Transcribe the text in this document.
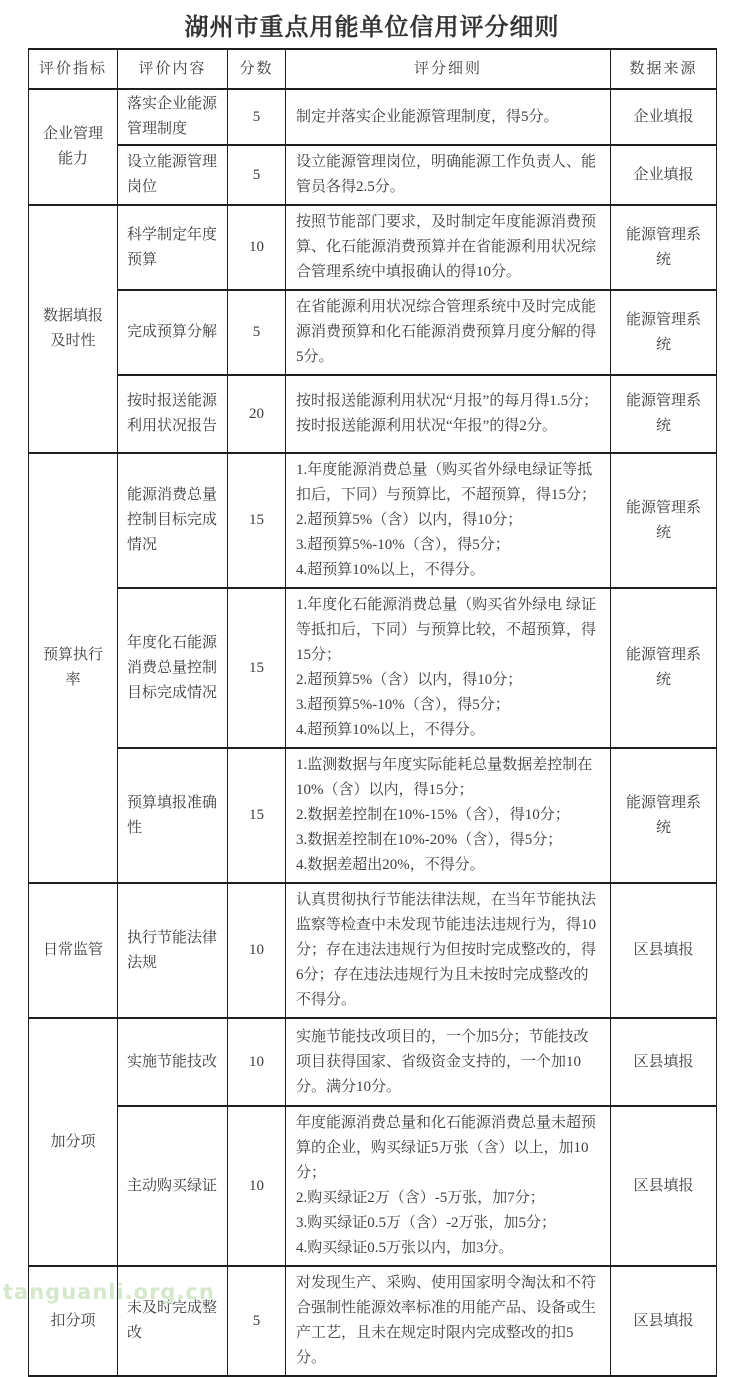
湖州市重点用能单位信用评分细则
评价指标	评价内容	分数	评分细则	数据来源
企业管理能力	落实企业能源管理制度	5	制定并落实企业能源管理制度，得5分。	企业填报
	设立能源管理岗位	5	设立能源管理岗位，明确能源工作负责人、能管员各得2.5分。	企业填报
数据填报及时性	科学制定年度预算	10	按照节能部门要求，及时制定年度能源消费预算、化石能源消费预算并在省能源利用状况综合管理系统中填报确认的得10分。	能源管理系统
	完成预算分解	5	在省能源利用状况综合管理系统中及时完成能源消费预算和化石能源消费预算月度分解的得5分。	能源管理系统
	按时报送能源利用状况报告	20	按时报送能源利用状况“月报”的每月得1.5分；按时报送能源利用状况“年报”的得2分。	能源管理系统
预算执行率	能源消费总量控制目标完成情况	15	1.年度能源消费总量（购买省外绿电绿证等抵扣后，下同）与预算比，不超预算，得15分；
2.超预算5%（含）以内，得10分；
3.超预算5%-10%（含），得5分；
4.超预算10%以上，不得分。	能源管理系统
	年度化石能源消费总量控制目标完成情况	15	1.年度化石能源消费总量（购买省外绿电 绿证等抵扣后，下同）与预算比较，不超预算，得15分；
2.超预算5%（含）以内，得10分；
3.超预算5%-10%（含），得5分；
4.超预算10%以上，不得分。	能源管理系统
	预算填报准确性	15	1.监测数据与年度实际能耗总量数据差控制在10%（含）以内，得15分；
2.数据差控制在10%-15%（含），得10分；
3.数据差控制在10%-20%（含），得5分；
4.数据差超出20%，不得分。	能源管理系统
日常监管	执行节能法律法规	10	认真贯彻执行节能法律法规，在当年节能执法监察等检查中未发现节能违法违规行为，得10分；存在违法违规行为但按时完成整改的，得6分；存在违法违规行为且未按时完成整改的不得分。	区县填报
加分项	实施节能技改	10	实施节能技改项目的，一个加5分；节能技改项目获得国家、省级资金支持的，一个加10分。满分10分。	区县填报
	主动购买绿证	10	年度能源消费总量和化石能源消费总量未超预算的企业，购买绿证5万张（含）以上，加10分；
2.购买绿证2万（含）-5万张，加7分；
3.购买绿证0.5万（含）-2万张，加5分；
4.购买绿证0.5万张以内，加3分。	区县填报
扣分项	未及时完成整改	5	对发现生产、采购、使用国家明令淘汰和不符合强制性能源效率标准的用能产品、设备或生产工艺，且未在规定时限内完成整改的扣5分。	区县填报
tanguanli.org.cn
